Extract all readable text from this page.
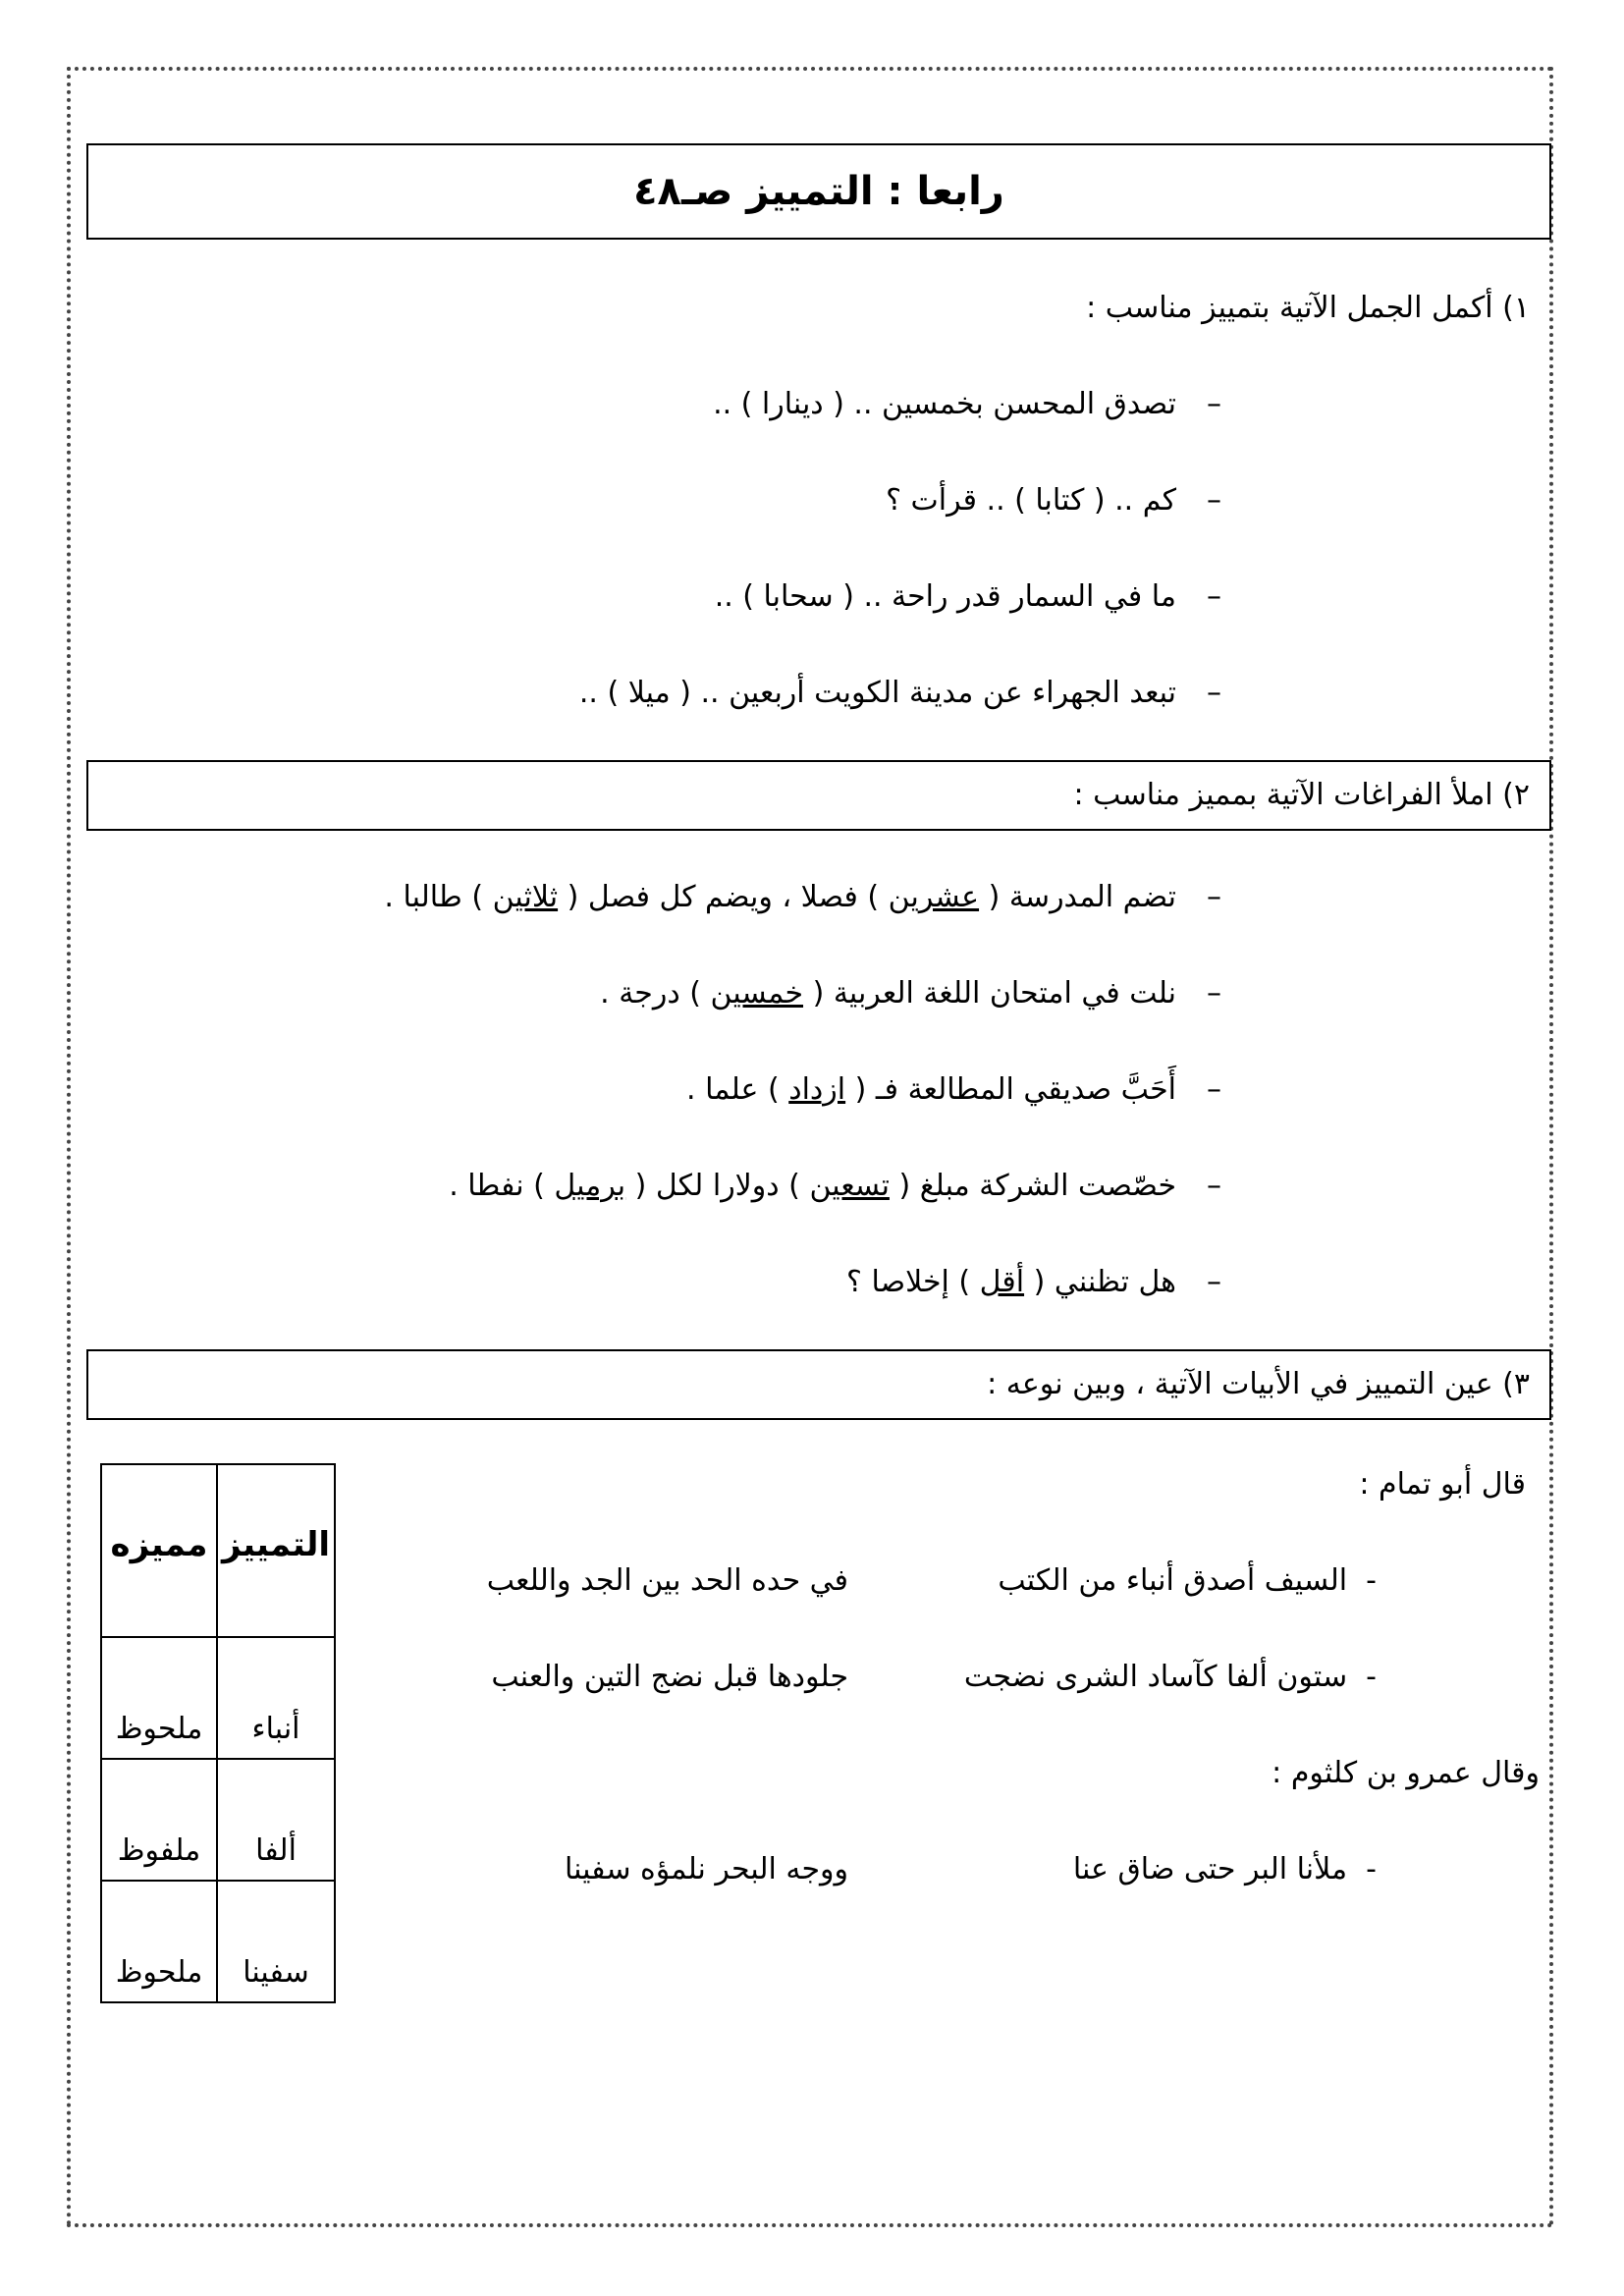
رابعا : التمييز صـ٤٨
١) أكمل الجمل الآتية بتمييز مناسب :
–تصدق المحسن بخمسين .. ( دينارا ) ..
–كم .. ( كتابا ) .. قرأت ؟
–ما في السمار قدر راحة .. ( سحابا ) ..
–تبعد الجهراء عن مدينة الكويت أربعين .. ( ميلا ) ..
٢) املأ الفراغات الآتية بمميز مناسب :
–تضم المدرسة ( عشرين ) فصلا ، ويضم كل فصل ( ثلاثين ) طالبا .
–نلت في امتحان اللغة العربية ( خمسين ) درجة .
–أَحَبَّ صديقي المطالعة فـ ( ازداد ) علما .
–خصّصت الشركة مبلغ ( تسعين ) دولارا لكل ( برميل ) نفطا .
–هل تظنني ( أقل ) إخلاصا ؟
٣) عين التمييز في الأبيات الآتية ، وبين نوعه :
قال أبو تمام :
-  السيف أصدق أنباء من الكتب
في حده الحد بين الجد واللعب
-  ستون ألفا كآساد الشرى نضجت
جلودها قبل نضج التين والعنب
وقال عمرو بن كلثوم :
-  ملأنا البر حتى ضاق عنا
ووجه البحر نلمؤه سفينا
التمييز	مميزه
أنباء	ملحوظ
ألفا	ملفوظ
سفينا	ملحوظ
